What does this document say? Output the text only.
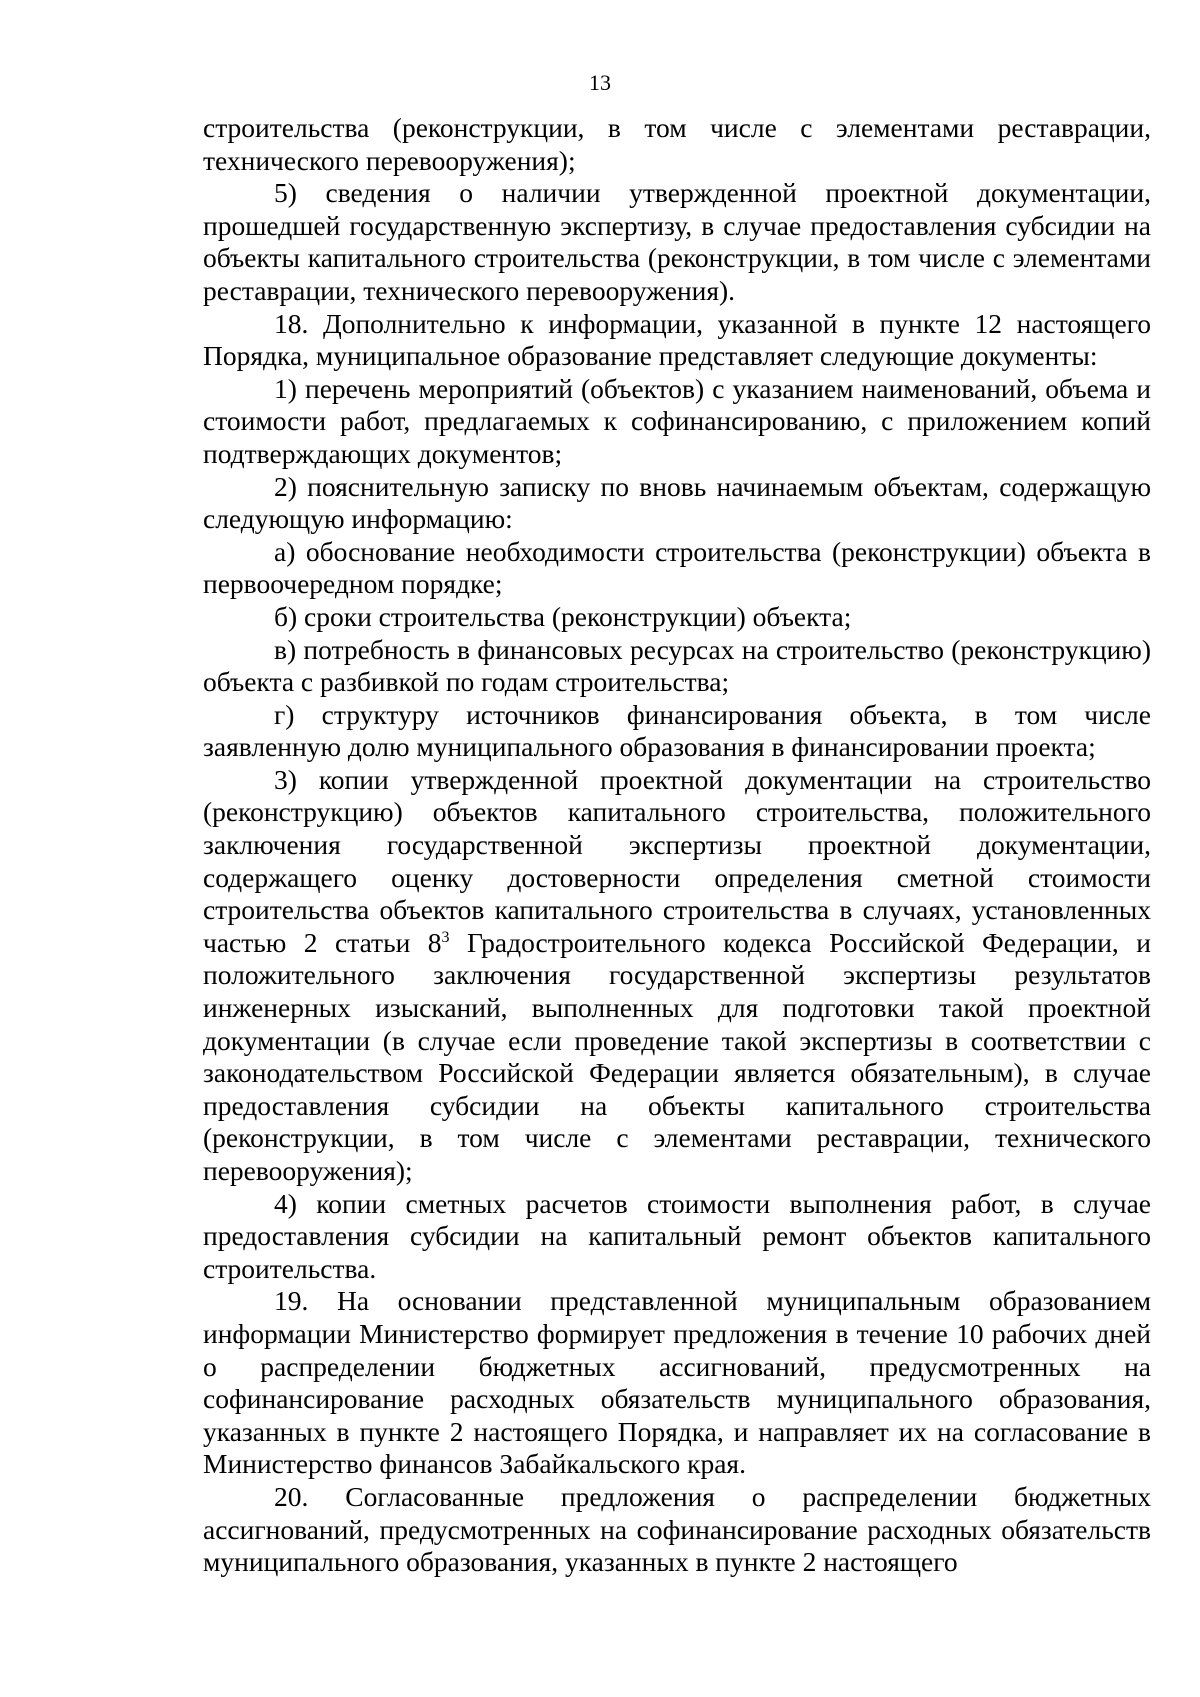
13

строительства (реконструкции, в том числе с элементами реставрации, технического перевооружения);

5) сведения о наличии утвержденной проектной документации, прошедшей государственную экспертизу, в случае предоставления субсидии на объекты капитального строительства (реконструкции, в том числе с элементами реставрации, технического перевооружения).

18. Дополнительно к информации, указанной в пункте 12 настоящего Порядка, муниципальное образование представляет следующие документы:

1) перечень мероприятий (объектов) с указанием наименований, объема и стоимости работ, предлагаемых к софинансированию, с приложением копий подтверждающих документов;

2) пояснительную записку по вновь начинаемым объектам, содержащую следующую информацию:

а) обоснование необходимости строительства (реконструкции) объекта в первоочередном порядке;

б) сроки строительства (реконструкции) объекта;

в) потребность в финансовых ресурсах на строительство (реконструкцию) объекта с разбивкой по годам строительства;

г) структуру источников финансирования объекта, в том числе заявленную долю муниципального образования в финансировании проекта;

3) копии утвержденной проектной документации на строительство (реконструкцию) объектов капитального строительства, положительного заключения государственной экспертизы проектной документации, содержащего оценку достоверности определения сметной стоимости строительства объектов капитального строительства в случаях, установленных частью 2 статьи $8^3$ Градостроительного кодекса Российской Федерации, и положительного заключения государственной экспертизы результатов инженерных изысканий, выполненных для подготовки такой проектной документации (в случае если проведение такой экспертизы в соответствии с законодательством Российской Федерации является обязательным), в случае предоставления субсидии на объекты капитального строительства (реконструкции, в том числе с элементами реставрации, технического перевооружения);

4) копии сметных расчетов стоимости выполнения работ, в случае предоставления субсидии на капитальный ремонт объектов капитального строительства.

19. На основании представленной муниципальным образованием информации Министерство формирует предложения в течение 10 рабочих дней о распределении бюджетных ассигнований, предусмотренных на софинансирование расходных обязательств муниципального образования, указанных в пункте 2 настоящего Порядка, и направляет их на согласование в Министерство финансов Забайкальского края.

20. Согласованные предложения о распределении бюджетных ассигнований, предусмотренных на софинансирование расходных обязательств муниципального образования, указанных в пункте 2 настоящего
